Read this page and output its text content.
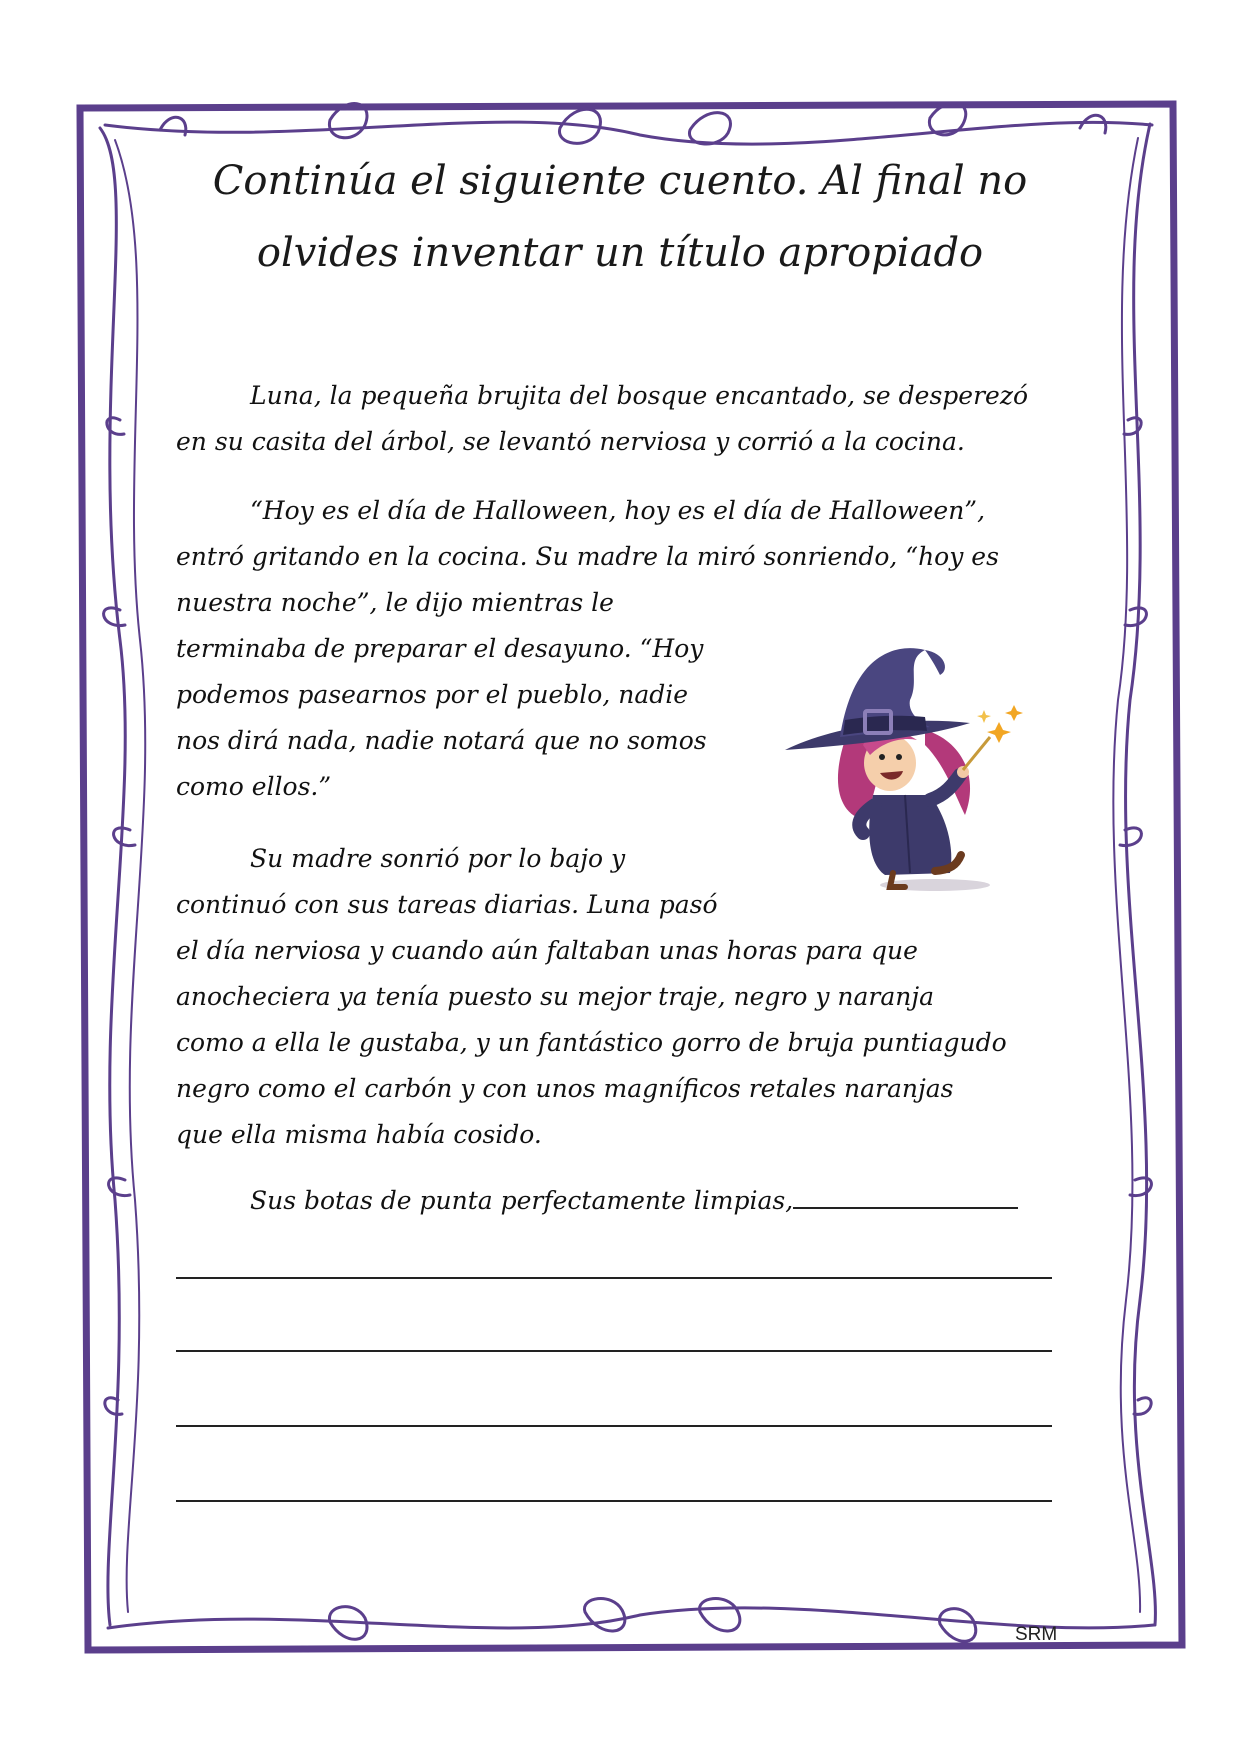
Continúa el siguiente cuento. Al final no
olvides inventar un título apropiado
Luna, la pequeña brujita del bosque encantado, se desperezó
en su casita del árbol, se levantó nerviosa y corrió a la cocina.
“Hoy es el día de Halloween, hoy es el día de Halloween”,
entró gritando en la cocina. Su madre la miró sonriendo, “hoy es
nuestra noche”, le dijo mientras le
terminaba de preparar el desayuno. “Hoy
podemos pasearnos por el pueblo, nadie
nos dirá nada, nadie notará que no somos
como ellos.”
Su madre sonrió por lo bajo y
continuó con sus tareas diarias. Luna pasó
el día nerviosa y cuando aún faltaban unas horas para que
anocheciera ya tenía puesto su mejor traje, negro y naranja
como a ella le gustaba, y un fantástico gorro de bruja puntiagudo
negro como el carbón y con unos magníficos retales naranjas
que ella misma había cosido.
Sus botas de punta perfectamente limpias,
SRM
